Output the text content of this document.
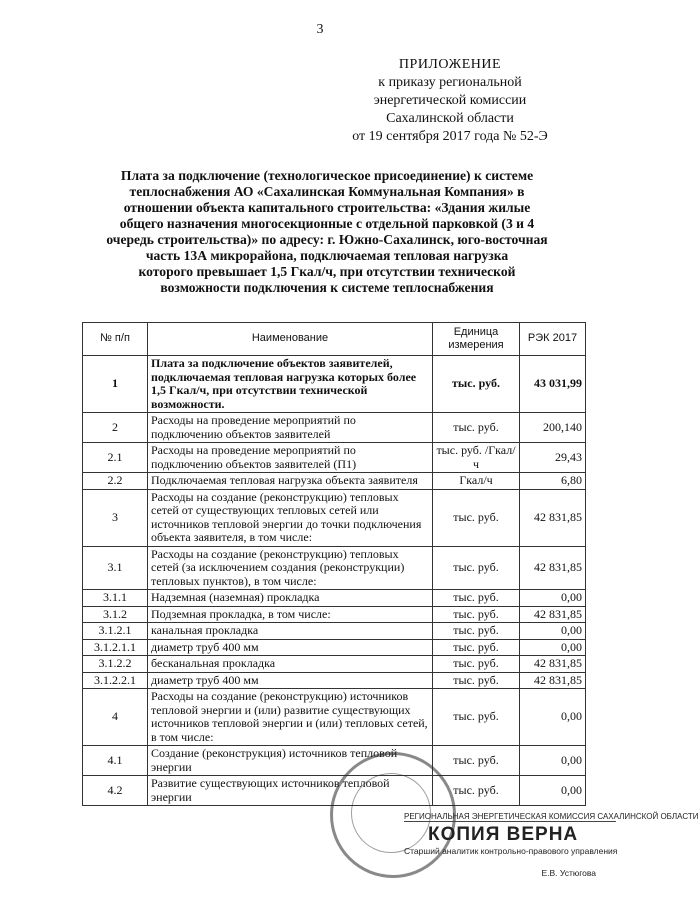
3
ПРИЛОЖЕНИЕ
к приказу региональной
энергетической комиссии
Сахалинской области
от 19 сентября 2017 года № 52-Э
Плата за подключение (технологическое присоединение) к системе
теплоснабжения АО «Сахалинская Коммунальная Компания» в
отношении объекта капитального строительства: «Здания жилые
общего назначения многосекционные с отдельной парковкой (3 и 4
очередь строительства)» по адресу: г. Южно-Сахалинск, юго-восточная
часть 13А микрорайона, подключаемая тепловая нагрузка
которого превышает 1,5 Гкал/ч, при отсутствии технической
возможности подключения к системе теплоснабжения
№ п/п	Наименование	Единица измерения	РЭК 2017
1	Плата за подключение объектов заявителей, подключаемая тепловая нагрузка которых более 1,5 Гкал/ч, при отсутствии технической возможности.	тыс. руб.	43 031,99
2	Расходы на проведение мероприятий по подключению объектов заявителей	тыс. руб.	200,140
2.1	Расходы на проведение мероприятий по подключению объектов заявителей (П1)	тыс. руб. /Гкал/ч	29,43
2.2	Подключаемая тепловая нагрузка объекта заявителя	Гкал/ч	6,80
3	Расходы на создание (реконструкцию) тепловых сетей от существующих тепловых сетей или источников тепловой энергии до точки подключения объекта заявителя, в том числе:	тыс. руб.	42 831,85
3.1	Расходы на создание (реконструкцию) тепловых сетей (за исключением создания (реконструкции) тепловых пунктов), в том числе:	тыс. руб.	42 831,85
3.1.1	Надземная (наземная) прокладка	тыс. руб.	0,00
3.1.2	Подземная прокладка, в том числе:	тыс. руб.	42 831,85
3.1.2.1	канальная прокладка	тыс. руб.	0,00
3.1.2.1.1	диаметр труб 400 мм	тыс. руб.	0,00
3.1.2.2	бесканальная прокладка	тыс. руб.	42 831,85
3.1.2.2.1	диаметр труб 400 мм	тыс. руб.	42 831,85
4	Расходы на создание (реконструкцию) источников тепловой энергии и (или) развитие существующих источников тепловой энергии и (или) тепловых сетей, в том числе:	тыс. руб.	0,00
4.1	Создание (реконструкция) источников тепловой энергии	тыс. руб.	0,00
4.2	Развитие существующих источников тепловой энергии	тыс. руб.	0,00
РЕГИОНАЛЬНАЯ ЭНЕРГЕТИЧЕСКАЯ КОМИССИЯ САХАЛИНСКОЙ ОБЛАСТИ
КОПИЯ ВЕРНА
Старший аналитик контрольно-правового управления
Е.В. Устюгова
